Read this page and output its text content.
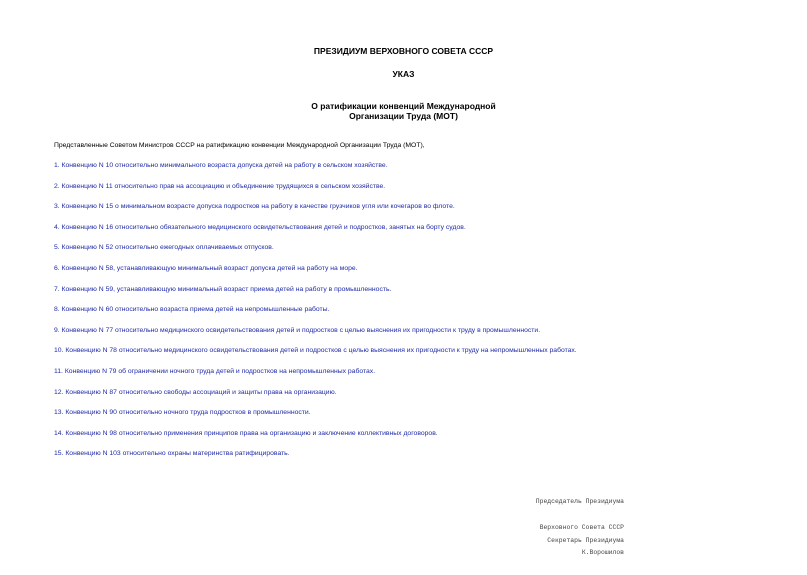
ПРЕЗИДИУМ ВЕРХОВНОГО СОВЕТА СССР
УКАЗ
О ратификации конвенций Международной
Организации Труда (МОТ)
Представленные Советом Министров СССР на ратификацию конвенции Международной Организации Труда (МОТ),
1. Конвенцию N 10 относительно минимального возраста допуска детей на работу в сельском хозяйстве.
2. Конвенцию N 11 относительно прав на ассоциацию и объединение трудящихся в сельском хозяйстве.
3. Конвенцию N 15 о минимальном возрасте допуска подростков на работу в качестве грузчиков угля или кочегаров во флоте.
4. Конвенцию N 16 относительно обязательного медицинского освидетельствования детей и подростков, занятых на борту судов.
5. Конвенцию N 52 относительно ежегодных оплачиваемых отпусков.
6. Конвенцию N 58, устанавливающую минимальный возраст допуска детей на работу на море.
7. Конвенцию N 59, устанавливающую минимальный возраст приема детей на работу в промышленность.
8. Конвенцию N 60 относительно возраста приема детей на непромышленные работы.
9. Конвенцию N 77 относительно медицинского освидетельствования детей и подростков с целью выяснения их пригодности к труду в промышленности.
10. Конвенцию N 78 относительно медицинского освидетельствования детей и подростков с целью выяснения их пригодности к труду на непромышленных работах.
11. Конвенцию N 79 об ограничении ночного труда детей и подростков на непромышленных работах.
12. Конвенцию N 87 относительно свободы ассоциаций и защиты права на организацию.
13. Конвенцию N 90 относительно ночного труда подростков в промышленности.
14. Конвенцию N 98 относительно применения принципов права на организацию и заключение коллективных договоров.
15. Конвенцию N 103 относительно охраны материнства ратифицировать.

Председатель Президиума

Верховного Совета СССР

К.Ворошилов

Секретарь Президиума
